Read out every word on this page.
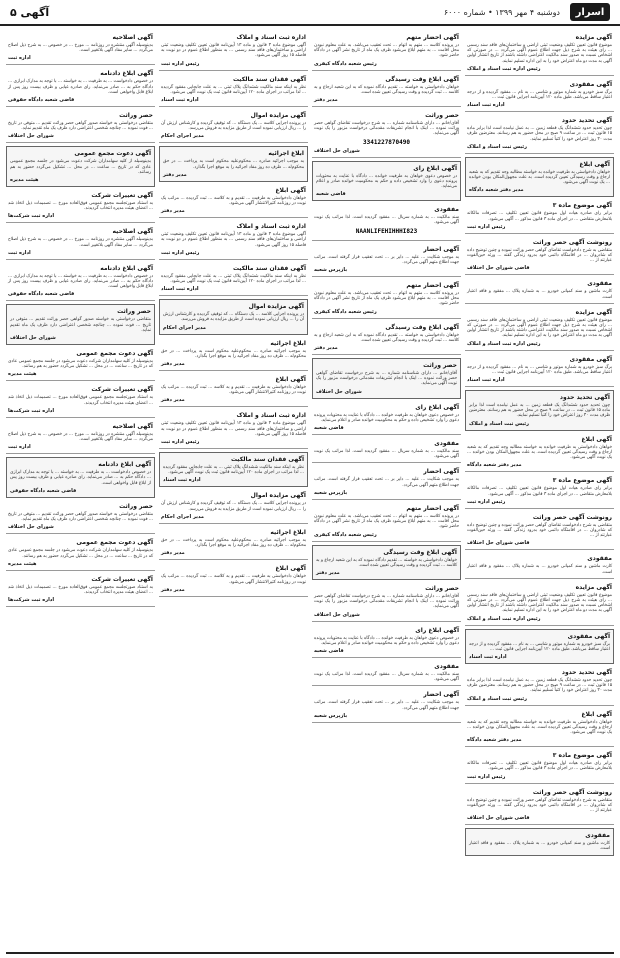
اسرار
دوشنبه ۴ مهر ۱۳۹۹ • شماره ۶۰۰۰
آگهی ۵
آگهی مزایده

موضوع قانون تعیین تکلیف وضعیت ثبتی اراضی و ساختمان‌های فاقد سند رسمی ... رای هیئت به شرح ذیل جهت اطلاع عموم آگهی می‌گردد ... در صورتی که اشخاص نسبت به صدور سند مالکیت اعتراضی داشته باشند از تاریخ انتشار اولین آگهی به مدت دو ماه اعتراض خود را به این اداره تسلیم نمایند.

رئیس اداره ثبت اسناد و املاک
آگهی مفقودی

برگ سبز خودرو به شماره موتور و شاسی ... به نام ... مفقود گردیده و از درجه اعتبار ساقط می‌باشد. طبق ماده ۱۲۰ آیین‌نامه اجرایی قانون ثبت ...

اداره ثبت اسناد
آگهی تحدید حدود

چون تحدید حدود ششدانگ یک قطعه زمین ... به عمل نیامده است لذا برابر ماده ۱۵ قانون ثبت ... در ساعت ۹ صبح در محل حضور به هم رسانند. معترضین ظرف مدت ۳۰ روز اعتراض خود را کتباً تسلیم نمایند.

رئیس ثبت اسناد و املاک
آگهی ابلاغ

خواهان دادخواستی به طرفیت خوانده به خواسته مطالبه وجه تقدیم که به شعبه ارجاع و وقت رسیدگی تعیین گردیده است. به علت مجهول‌المکان بودن خوانده ... یک نوبت آگهی می‌شود.

مدیر دفتر شعبه دادگاه
آگهی موضوع ماده ۳

برابر رای صادره هیات اول موضوع قانون تعیین تکلیف ... تصرفات مالکانه بلامعارض متقاضی ... در اجرای ماده ۳ قانون مذکور ... آگهی می‌شود.

رئیس اداره ثبت
رونوشت آگهی حصر وراثت

متقاضی به شرح دادخواست تقاضای گواهی حصر وراثت نموده و چنین توضیح داده که شادروان ... در اقامتگاه دائمی خود بدرود زندگی گفته ... ورثه حین‌الفوت عبارتند از ...

قاضی شورای حل اختلاف
مفقودی

کارت ماشین و سند کمپانی خودرو ... به شماره پلاک ... مفقود و فاقد اعتبار است.

آگهی مزایده

موضوع قانون تعیین تکلیف وضعیت ثبتی اراضی و ساختمان‌های فاقد سند رسمی ... رای هیئت به شرح ذیل جهت اطلاع عموم آگهی می‌گردد ... در صورتی که اشخاص نسبت به صدور سند مالکیت اعتراضی داشته باشند از تاریخ انتشار اولین آگهی به مدت دو ماه اعتراض خود را به این اداره تسلیم نمایند.

رئیس اداره ثبت اسناد و املاک
آگهی مفقودی

برگ سبز خودرو به شماره موتور و شاسی ... به نام ... مفقود گردیده و از درجه اعتبار ساقط می‌باشد. طبق ماده ۱۲۰ آیین‌نامه اجرایی قانون ثبت ...

اداره ثبت اسناد
آگهی تحدید حدود

چون تحدید حدود ششدانگ یک قطعه زمین ... به عمل نیامده است لذا برابر ماده ۱۵ قانون ثبت ... در ساعت ۹ صبح در محل حضور به هم رسانند. معترضین ظرف مدت ۳۰ روز اعتراض خود را کتباً تسلیم نمایند.

رئیس ثبت اسناد و املاک
آگهی ابلاغ

خواهان دادخواستی به طرفیت خوانده به خواسته مطالبه وجه تقدیم که به شعبه ارجاع و وقت رسیدگی تعیین گردیده است. به علت مجهول‌المکان بودن خوانده ... یک نوبت آگهی می‌شود.

مدیر دفتر شعبه دادگاه
آگهی موضوع ماده ۳

برابر رای صادره هیات اول موضوع قانون تعیین تکلیف ... تصرفات مالکانه بلامعارض متقاضی ... در اجرای ماده ۳ قانون مذکور ... آگهی می‌شود.

رئیس اداره ثبت
رونوشت آگهی حصر وراثت

متقاضی به شرح دادخواست تقاضای گواهی حصر وراثت نموده و چنین توضیح داده که شادروان ... در اقامتگاه دائمی خود بدرود زندگی گفته ... ورثه حین‌الفوت عبارتند از ...

قاضی شورای حل اختلاف
مفقودی

کارت ماشین و سند کمپانی خودرو ... به شماره پلاک ... مفقود و فاقد اعتبار است.

آگهی مزایده

موضوع قانون تعیین تکلیف وضعیت ثبتی اراضی و ساختمان‌های فاقد سند رسمی ... رای هیئت به شرح ذیل جهت اطلاع عموم آگهی می‌گردد ... در صورتی که اشخاص نسبت به صدور سند مالکیت اعتراضی داشته باشند از تاریخ انتشار اولین آگهی به مدت دو ماه اعتراض خود را به این اداره تسلیم نمایند.

رئیس اداره ثبت اسناد و املاک
آگهی مفقودی

برگ سبز خودرو به شماره موتور و شاسی ... به نام ... مفقود گردیده و از درجه اعتبار ساقط می‌باشد. طبق ماده ۱۲۰ آیین‌نامه اجرایی قانون ثبت ...

اداره ثبت اسناد
آگهی تحدید حدود

چون تحدید حدود ششدانگ یک قطعه زمین ... به عمل نیامده است لذا برابر ماده ۱۵ قانون ثبت ... در ساعت ۹ صبح در محل حضور به هم رسانند. معترضین ظرف مدت ۳۰ روز اعتراض خود را کتباً تسلیم نمایند.

رئیس ثبت اسناد و املاک
آگهی ابلاغ

خواهان دادخواستی به طرفیت خوانده به خواسته مطالبه وجه تقدیم که به شعبه ارجاع و وقت رسیدگی تعیین گردیده است. به علت مجهول‌المکان بودن خوانده ... یک نوبت آگهی می‌شود.

مدیر دفتر شعبه دادگاه
آگهی موضوع ماده ۳

برابر رای صادره هیات اول موضوع قانون تعیین تکلیف ... تصرفات مالکانه بلامعارض متقاضی ... در اجرای ماده ۳ قانون مذکور ... آگهی می‌شود.

رئیس اداره ثبت
رونوشت آگهی حصر وراثت

متقاضی به شرح دادخواست تقاضای گواهی حصر وراثت نموده و چنین توضیح داده که شادروان ... در اقامتگاه دائمی خود بدرود زندگی گفته ... ورثه حین‌الفوت عبارتند از ...

قاضی شورای حل اختلاف
مفقودی

کارت ماشین و سند کمپانی خودرو ... به شماره پلاک ... مفقود و فاقد اعتبار است.

آگهی احضار متهم

در پرونده کلاسه ... متهم به اتهام ... تحت تعقیب می‌باشد. به علت معلوم نبودن محل اقامت ... به متهم ابلاغ می‌شود ظرف یک ماه از تاریخ نشر آگهی در دادگاه حاضر شود.

رئیس شعبه دادگاه کیفری
آگهی ابلاغ وقت رسیدگی

خواهان دادخواستی به خواسته ... تقدیم دادگاه نموده که به این شعبه ارجاع و به کلاسه ... ثبت گردیده و وقت رسیدگی تعیین شده است.

مدیر دفتر
حصر وراثت

آقای/خانم ... دارای شناسنامه شماره ... به شرح درخواست تقاضای گواهی حصر وراثت نموده ... اینک با انجام تشریفات مقدماتی درخواست مزبور را یک نوبت آگهی می‌نماید.

3341227870490
شورای حل اختلاف
آگهی ابلاغ رای

در خصوص دعوی خواهان به طرفیت خوانده ... دادگاه با عنایت به محتویات پرونده دعوی را وارد تشخیص داده و حکم به محکومیت خوانده صادر و اعلام می‌نماید.

قاضی شعبه
مفقودی

سند مالکیت ... به شماره سریال ... مفقود گردیده است. لذا مراتب یک نوبت آگهی می‌شود.

NAANLIFEHIHHHI823
آگهی احضار

به موجب شکایت ... علیه ... دایر بر ... تحت تعقیب قرار گرفته است. مراتب جهت اطلاع متهم آگهی می‌گردد.

بازپرس شعبه
آگهی احضار متهم

در پرونده کلاسه ... متهم به اتهام ... تحت تعقیب می‌باشد. به علت معلوم نبودن محل اقامت ... به متهم ابلاغ می‌شود ظرف یک ماه از تاریخ نشر آگهی در دادگاه حاضر شود.

رئیس شعبه دادگاه کیفری
آگهی ابلاغ وقت رسیدگی

خواهان دادخواستی به خواسته ... تقدیم دادگاه نموده که به این شعبه ارجاع و به کلاسه ... ثبت گردیده و وقت رسیدگی تعیین شده است.

مدیر دفتر
حصر وراثت

آقای/خانم ... دارای شناسنامه شماره ... به شرح درخواست تقاضای گواهی حصر وراثت نموده ... اینک با انجام تشریفات مقدماتی درخواست مزبور را یک نوبت آگهی می‌نماید.

شورای حل اختلاف
آگهی ابلاغ رای

در خصوص دعوی خواهان به طرفیت خوانده ... دادگاه با عنایت به محتویات پرونده دعوی را وارد تشخیص داده و حکم به محکومیت خوانده صادر و اعلام می‌نماید.

قاضی شعبه
مفقودی

سند مالکیت ... به شماره سریال ... مفقود گردیده است. لذا مراتب یک نوبت آگهی می‌شود.

آگهی احضار

به موجب شکایت ... علیه ... دایر بر ... تحت تعقیب قرار گرفته است. مراتب جهت اطلاع متهم آگهی می‌گردد.

بازپرس شعبه
آگهی احضار متهم

در پرونده کلاسه ... متهم به اتهام ... تحت تعقیب می‌باشد. به علت معلوم نبودن محل اقامت ... به متهم ابلاغ می‌شود ظرف یک ماه از تاریخ نشر آگهی در دادگاه حاضر شود.

رئیس شعبه دادگاه کیفری
آگهی ابلاغ وقت رسیدگی

خواهان دادخواستی به خواسته ... تقدیم دادگاه نموده که به این شعبه ارجاع و به کلاسه ... ثبت گردیده و وقت رسیدگی تعیین شده است.

مدیر دفتر
حصر وراثت

آقای/خانم ... دارای شناسنامه شماره ... به شرح درخواست تقاضای گواهی حصر وراثت نموده ... اینک با انجام تشریفات مقدماتی درخواست مزبور را یک نوبت آگهی می‌نماید.

شورای حل اختلاف
آگهی ابلاغ رای

در خصوص دعوی خواهان به طرفیت خوانده ... دادگاه با عنایت به محتویات پرونده دعوی را وارد تشخیص داده و حکم به محکومیت خوانده صادر و اعلام می‌نماید.

قاضی شعبه
مفقودی

سند مالکیت ... به شماره سریال ... مفقود گردیده است. لذا مراتب یک نوبت آگهی می‌شود.

آگهی احضار

به موجب شکایت ... علیه ... دایر بر ... تحت تعقیب قرار گرفته است. مراتب جهت اطلاع متهم آگهی می‌گردد.

بازپرس شعبه
اداره ثبت اسناد و املاک

آگهی موضوع ماده ۳ قانون و ماده ۱۳ آیین‌نامه قانون تعیین تکلیف وضعیت ثبتی اراضی و ساختمان‌های فاقد سند رسمی ... به منظور اطلاع عموم در دو نوبت به فاصله ۱۵ روز آگهی می‌شود.

رئیس اداره ثبت
آگهی فقدان سند مالکیت

نظر به اینکه سند مالکیت ششدانگ پلاک ثبتی ... به علت جابجایی مفقود گردیده ... لذا مراتب در اجرای ماده ۱۲۰ آیین‌نامه قانون ثبت یک نوبت آگهی می‌شود.

اداره ثبت اسناد
آگهی مزایده اموال

در پرونده اجرایی کلاسه ... یک دستگاه ... که توقیف گردیده و کارشناس ارزش آن را ... ریال ارزیابی نموده است از طریق مزایده به فروش می‌رسد.

مدیر اجرای احکام
ابلاغ اجرائیه

به موجب اجرائیه صادره ... محکوم‌علیه محکوم است به پرداخت ... در حق محکوم‌له ... ظرف ده روز مفاد اجرائیه را به موقع اجرا بگذارد.

مدیر دفتر
آگهی ابلاغ

خواهان دادخواستی به طرفیت ... تقدیم و به کلاسه ... ثبت گردیده ... مراتب یک نوبت در روزنامه کثیرالانتشار آگهی می‌شود.

مدیر دفتر
اداره ثبت اسناد و املاک

آگهی موضوع ماده ۳ قانون و ماده ۱۳ آیین‌نامه قانون تعیین تکلیف وضعیت ثبتی اراضی و ساختمان‌های فاقد سند رسمی ... به منظور اطلاع عموم در دو نوبت به فاصله ۱۵ روز آگهی می‌شود.

رئیس اداره ثبت
آگهی فقدان سند مالکیت

نظر به اینکه سند مالکیت ششدانگ پلاک ثبتی ... به علت جابجایی مفقود گردیده ... لذا مراتب در اجرای ماده ۱۲۰ آیین‌نامه قانون ثبت یک نوبت آگهی می‌شود.

اداره ثبت اسناد
آگهی مزایده اموال

در پرونده اجرایی کلاسه ... یک دستگاه ... که توقیف گردیده و کارشناس ارزش آن را ... ریال ارزیابی نموده است از طریق مزایده به فروش می‌رسد.

مدیر اجرای احکام
ابلاغ اجرائیه

به موجب اجرائیه صادره ... محکوم‌علیه محکوم است به پرداخت ... در حق محکوم‌له ... ظرف ده روز مفاد اجرائیه را به موقع اجرا بگذارد.

مدیر دفتر
آگهی ابلاغ

خواهان دادخواستی به طرفیت ... تقدیم و به کلاسه ... ثبت گردیده ... مراتب یک نوبت در روزنامه کثیرالانتشار آگهی می‌شود.

مدیر دفتر
اداره ثبت اسناد و املاک

آگهی موضوع ماده ۳ قانون و ماده ۱۳ آیین‌نامه قانون تعیین تکلیف وضعیت ثبتی اراضی و ساختمان‌های فاقد سند رسمی ... به منظور اطلاع عموم در دو نوبت به فاصله ۱۵ روز آگهی می‌شود.

رئیس اداره ثبت
آگهی فقدان سند مالکیت

نظر به اینکه سند مالکیت ششدانگ پلاک ثبتی ... به علت جابجایی مفقود گردیده ... لذا مراتب در اجرای ماده ۱۲۰ آیین‌نامه قانون ثبت یک نوبت آگهی می‌شود.

اداره ثبت اسناد
آگهی مزایده اموال

در پرونده اجرایی کلاسه ... یک دستگاه ... که توقیف گردیده و کارشناس ارزش آن را ... ریال ارزیابی نموده است از طریق مزایده به فروش می‌رسد.

مدیر اجرای احکام
ابلاغ اجرائیه

به موجب اجرائیه صادره ... محکوم‌علیه محکوم است به پرداخت ... در حق محکوم‌له ... ظرف ده روز مفاد اجرائیه را به موقع اجرا بگذارد.

مدیر دفتر
آگهی ابلاغ

خواهان دادخواستی به طرفیت ... تقدیم و به کلاسه ... ثبت گردیده ... مراتب یک نوبت در روزنامه کثیرالانتشار آگهی می‌شود.

مدیر دفتر
آگهی اصلاحیه

بدینوسیله آگهی منتشره در روزنامه ... مورخ ... در خصوص ... به شرح ذیل اصلاح می‌گردد ... سایر مفاد آگهی بلاتغییر است.

اداره ثبت
آگهی ابلاغ دادنامه

در خصوص دادخواست ... به طرفیت ... به خواسته ... با توجه به مدارک ابرازی ... دادگاه حکم به ... صادر می‌نماید. رای صادره غیابی و ظرف بیست روز پس از ابلاغ قابل واخواهی است.

قاضی شعبه دادگاه حقوقی
حصر وراثت

متقاضی درخواستی به خواسته صدور گواهی حصر وراثت تقدیم ... متوفی در تاریخ ... فوت نموده ... چنانچه شخصی اعتراضی دارد ظرف یک ماه تقدیم نماید.

شورای حل اختلاف
آگهی دعوت مجمع عمومی

بدینوسیله از کلیه سهامداران شرکت دعوت می‌شود در جلسه مجمع عمومی عادی که در تاریخ ... ساعت ... در محل ... تشکیل می‌گردد حضور به هم رسانند.

هیئت مدیره
آگهی تغییرات شرکت

به استناد صورتجلسه مجمع عمومی فوق‌العاده مورخ ... تصمیمات ذیل اتخاذ شد ... اعضای هیئت مدیره انتخاب گردیدند.

اداره ثبت شرکت‌ها
آگهی اصلاحیه

بدینوسیله آگهی منتشره در روزنامه ... مورخ ... در خصوص ... به شرح ذیل اصلاح می‌گردد ... سایر مفاد آگهی بلاتغییر است.

اداره ثبت
آگهی ابلاغ دادنامه

در خصوص دادخواست ... به طرفیت ... به خواسته ... با توجه به مدارک ابرازی ... دادگاه حکم به ... صادر می‌نماید. رای صادره غیابی و ظرف بیست روز پس از ابلاغ قابل واخواهی است.

قاضی شعبه دادگاه حقوقی
حصر وراثت

متقاضی درخواستی به خواسته صدور گواهی حصر وراثت تقدیم ... متوفی در تاریخ ... فوت نموده ... چنانچه شخصی اعتراضی دارد ظرف یک ماه تقدیم نماید.

شورای حل اختلاف
آگهی دعوت مجمع عمومی

بدینوسیله از کلیه سهامداران شرکت دعوت می‌شود در جلسه مجمع عمومی عادی که در تاریخ ... ساعت ... در محل ... تشکیل می‌گردد حضور به هم رسانند.

هیئت مدیره
آگهی تغییرات شرکت

به استناد صورتجلسه مجمع عمومی فوق‌العاده مورخ ... تصمیمات ذیل اتخاذ شد ... اعضای هیئت مدیره انتخاب گردیدند.

اداره ثبت شرکت‌ها
آگهی اصلاحیه

بدینوسیله آگهی منتشره در روزنامه ... مورخ ... در خصوص ... به شرح ذیل اصلاح می‌گردد ... سایر مفاد آگهی بلاتغییر است.

اداره ثبت
آگهی ابلاغ دادنامه

در خصوص دادخواست ... به طرفیت ... به خواسته ... با توجه به مدارک ابرازی ... دادگاه حکم به ... صادر می‌نماید. رای صادره غیابی و ظرف بیست روز پس از ابلاغ قابل واخواهی است.

قاضی شعبه دادگاه حقوقی
حصر وراثت

متقاضی درخواستی به خواسته صدور گواهی حصر وراثت تقدیم ... متوفی در تاریخ ... فوت نموده ... چنانچه شخصی اعتراضی دارد ظرف یک ماه تقدیم نماید.

شورای حل اختلاف
آگهی دعوت مجمع عمومی

بدینوسیله از کلیه سهامداران شرکت دعوت می‌شود در جلسه مجمع عمومی عادی که در تاریخ ... ساعت ... در محل ... تشکیل می‌گردد حضور به هم رسانند.

هیئت مدیره
آگهی تغییرات شرکت

به استناد صورتجلسه مجمع عمومی فوق‌العاده مورخ ... تصمیمات ذیل اتخاذ شد ... اعضای هیئت مدیره انتخاب گردیدند.

اداره ثبت شرکت‌ها
